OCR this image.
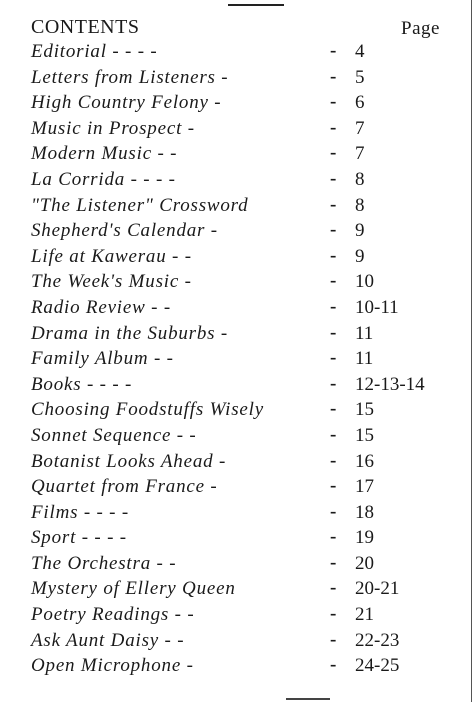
CONTENTS	Page
Editorial - - - -	- 4
Letters from Listeners -	- 5
High Country Felony -	- 6
Music in Prospect -	- 7
Modern Music - -	- 7
La Corrida - - - -	- 8
"The Listener" Crossword	- 8
Shepherd's Calendar -	- 9
Life at Kawerau - -	- 9
The Week's Music -	- 10
Radio Review - -	- 10-11
Drama in the Suburbs -	- 11
Family Album - -	- 11
Books - - - -	- 12-13-14
Choosing Foodstuffs Wisely	- 15
Sonnet Sequence - -	- 15
Botanist Looks Ahead -	- 16
Quartet from France -	- 17
Films - - - -	- 18
Sport - - - -	- 19
The Orchestra - -	- 20
Mystery of Ellery Queen	- 20-21
Poetry Readings - -	- 21
Ask Aunt Daisy - -	- 22-23
Open Microphone -	- 24-25
